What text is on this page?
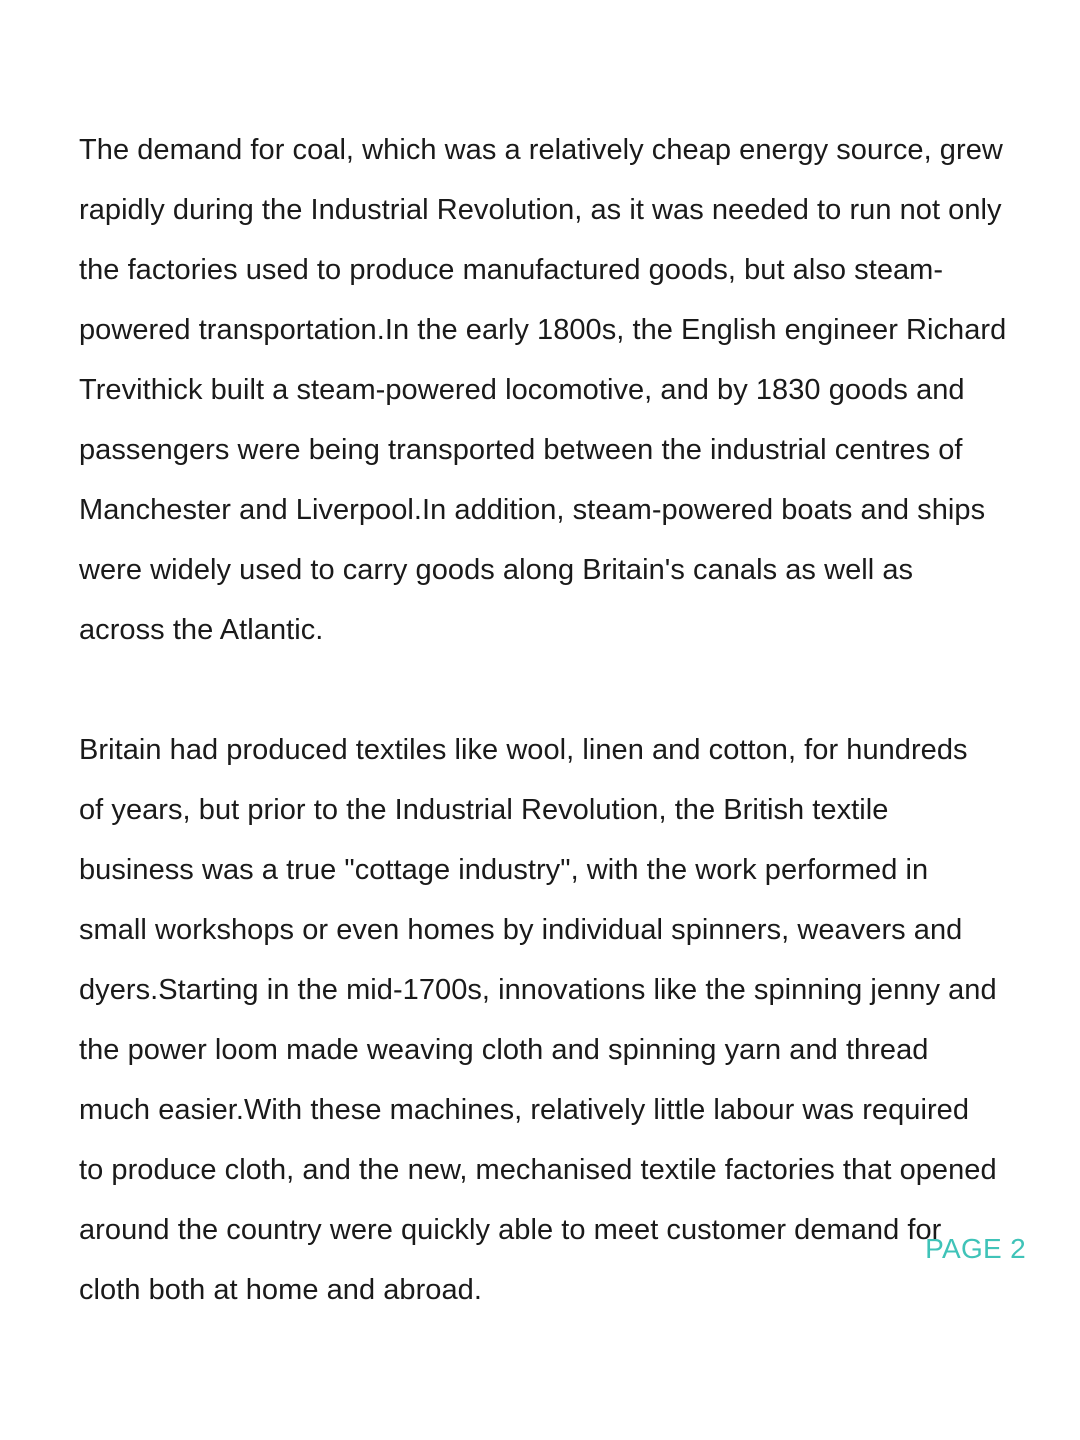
The demand for coal, which was a relatively cheap energy source, grew
rapidly during the Industrial Revolution, as it was needed to run not only
the factories used to produce manufactured goods, but also steam-
powered transportation.In the early 1800s, the English engineer Richard
Trevithick built a steam-powered locomotive, and by 1830 goods and
passengers were being transported between the industrial centres of
Manchester and Liverpool.In addition, steam-powered boats and ships
were widely used to carry goods along Britain's canals as well as
across the Atlantic.

Britain had produced textiles like wool, linen and cotton, for hundreds
of years, but prior to the Industrial Revolution, the British textile
business was a true "cottage industry", with the work performed in
small workshops or even homes by individual spinners, weavers and
dyers.Starting in the mid-1700s, innovations like the spinning jenny and
the power loom made weaving cloth and spinning yarn and thread
much easier.With these machines, relatively little labour was required
to produce cloth, and the new, mechanised textile factories that opened
around the country were quickly able to meet customer demand for
cloth both at home and abroad.

PAGE 2
